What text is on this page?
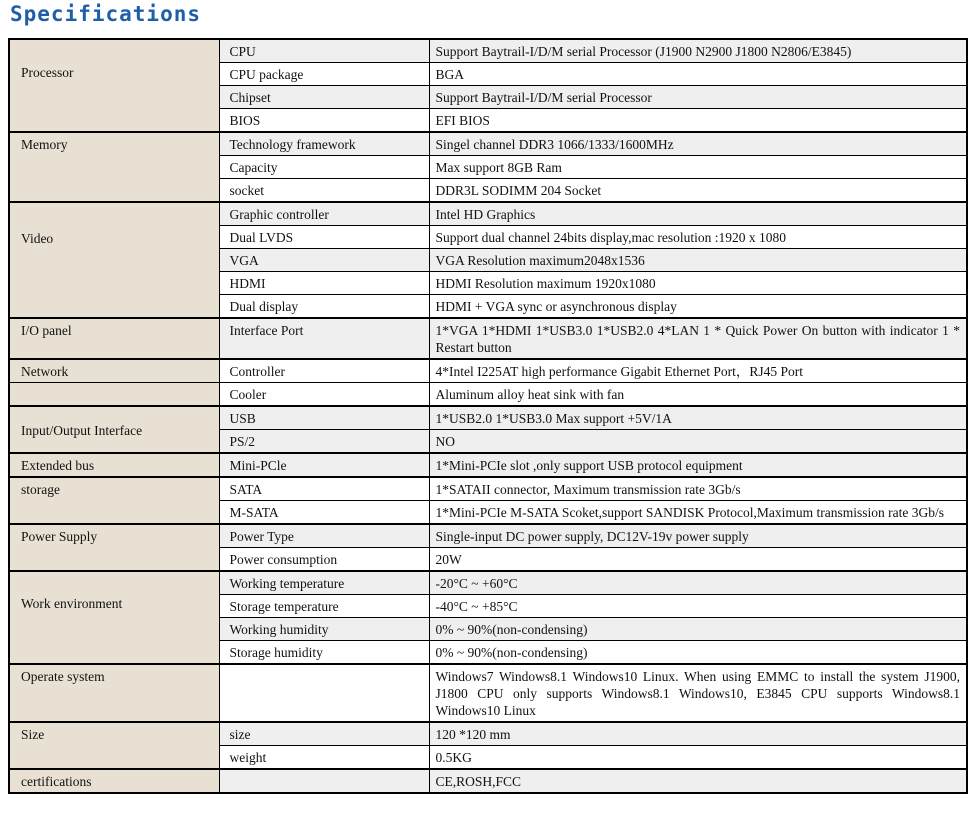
Specifications
Processor	CPU	Support Baytrail-I/D/M serial Processor (J1900 N2900 J1800 N2806/E3845)
	CPU package	BGA
	Chipset	Support Baytrail-I/D/M serial Processor
	BIOS	EFI BIOS
Memory	Technology framework	Singel channel DDR3 1066/1333/1600MHz
	Capacity	Max support 8GB Ram
	socket	DDR3L SODIMM 204 Socket
Video	Graphic controller	Intel HD Graphics
	Dual LVDS	Support dual channel 24bits display,mac resolution :1920 x 1080
	VGA	VGA Resolution maximum2048x1536
	HDMI	HDMI Resolution maximum 1920x1080
	Dual display	HDMI + VGA sync or asynchronous display
I/O panel	Interface Port	1*VGA 1*HDMI 1*USB3.0 1*USB2.0 4*LAN 1 * Quick Power On button with indicator 1 * Restart button
Network	Controller	4*Intel I225AT high performance Gigabit Ethernet Port，RJ45 Port
	Cooler	Aluminum alloy heat sink with fan
Input/Output Interface	USB	1*USB2.0 1*USB3.0 Max support +5V/1A
	PS/2	NO
Extended bus	Mini-PCle	1*Mini-PCIe slot ,only support USB protocol equipment
storage	SATA	1*SATAII connector, Maximum transmission rate 3Gb/s
	M-SATA	1*Mini-PCIe M-SATA Scoket,support SANDISK Protocol,Maximum transmission rate 3Gb/s
Power Supply	Power Type	Single-input DC power supply, DC12V-19v power supply
	Power consumption	20W
Work environment	Working temperature	-20°C ~ +60°C
	Storage temperature	-40°C ~ +85°C
	Working humidity	0% ~ 90%(non-condensing)
	Storage humidity	0% ~ 90%(non-condensing)
Operate system		Windows7 Windows8.1 Windows10 Linux. When using EMMC to install the system J1900, J1800 CPU only supports Windows8.1 Windows10, E3845 CPU supports Windows8.1 Windows10 Linux
Size	size	120 *120 mm
	weight	0.5KG
certifications		CE,ROSH,FCC
